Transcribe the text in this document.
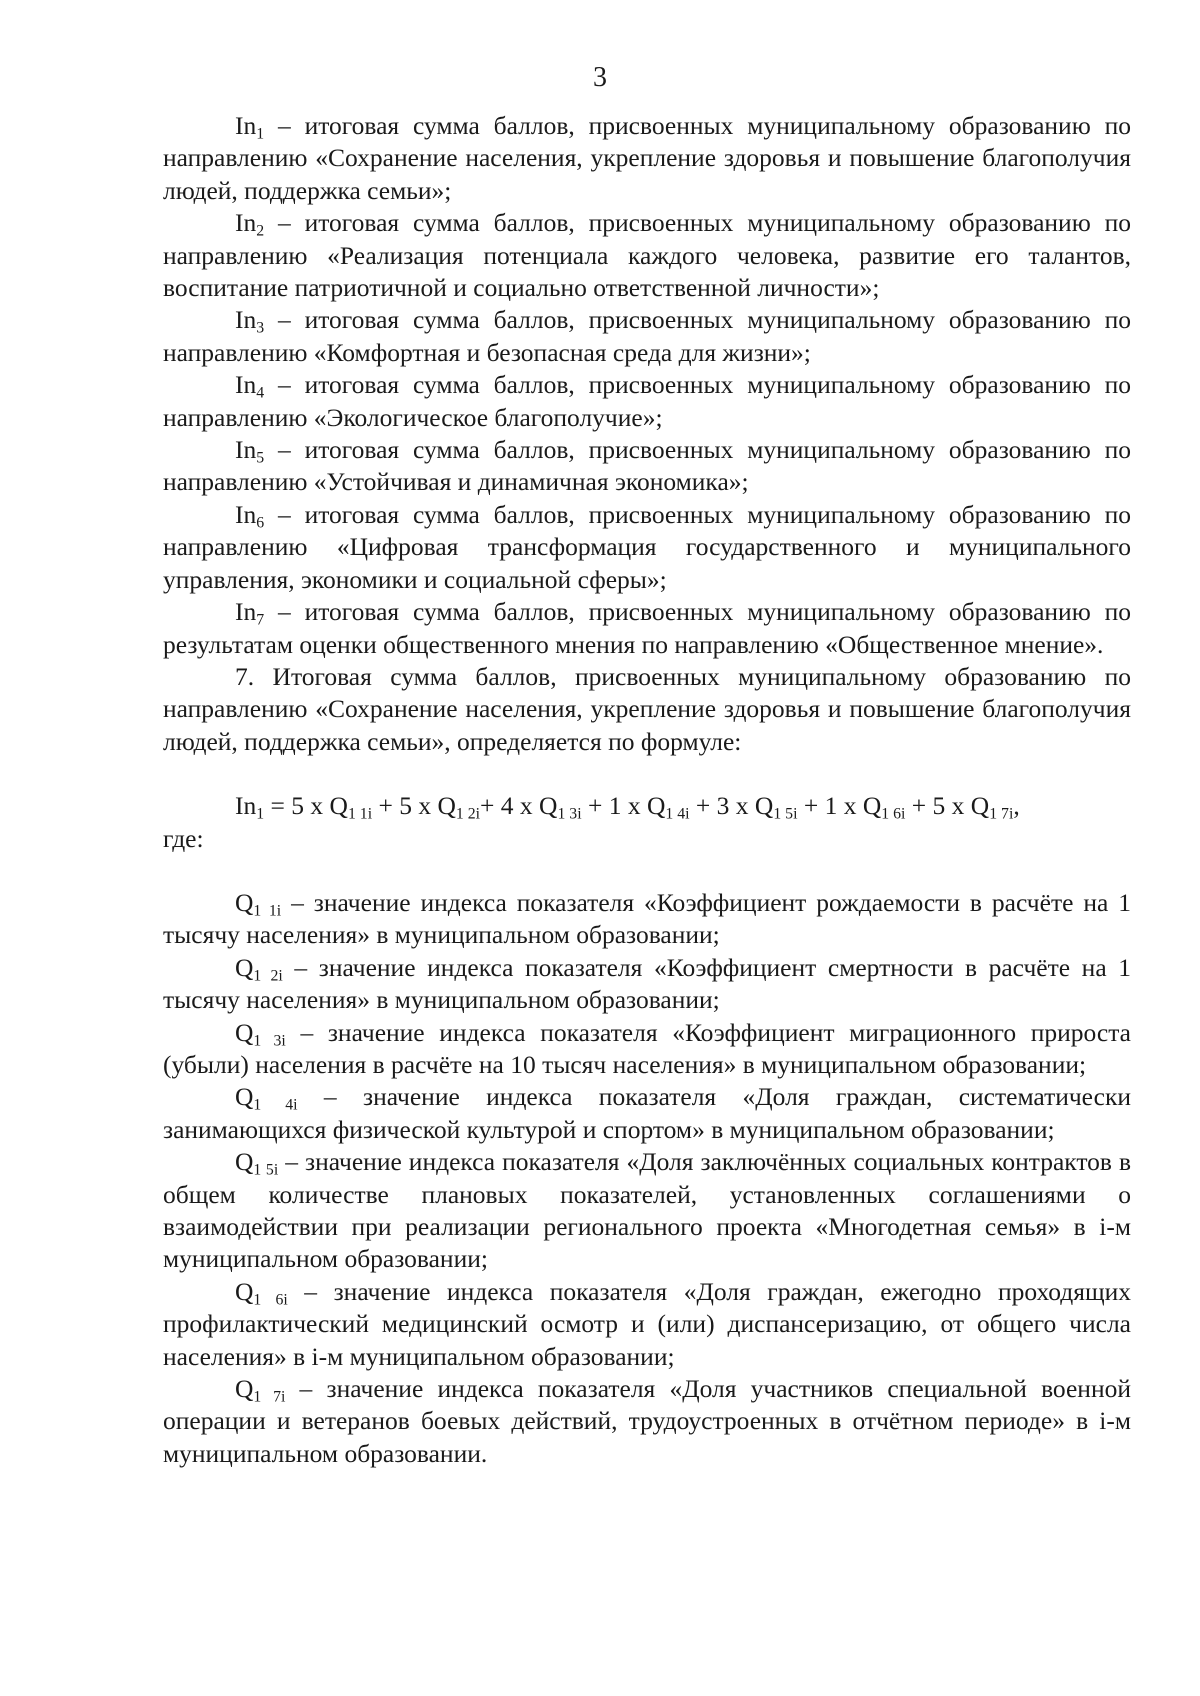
3

$In_1$ – итоговая сумма баллов, присвоенных муниципальному образованию по направлению «Сохранение населения, укрепление здоровья и повышение благополучия людей, поддержка семьи»;

$In_2$ – итоговая сумма баллов, присвоенных муниципальному образованию по направлению «Реализация потенциала каждого человека, развитие его талантов, воспитание патриотичной и социально ответственной личности»;

$In_3$ – итоговая сумма баллов, присвоенных муниципальному образованию по направлению «Комфортная и безопасная среда для жизни»;

$In_4$ – итоговая сумма баллов, присвоенных муниципальному образованию по направлению «Экологическое благополучие»;

$In_5$ – итоговая сумма баллов, присвоенных муниципальному образованию по направлению «Устойчивая и динамичная экономика»;

$In_6$ – итоговая сумма баллов, присвоенных муниципальному образованию по направлению «Цифровая трансформация государственного и муниципального управления, экономики и социальной сферы»;

$In_7$ – итоговая сумма баллов, присвоенных муниципальному образованию по результатам оценки общественного мнения по направлению «Общественное мнение».

7. Итоговая сумма баллов, присвоенных муниципальному образованию по направлению «Сохранение населения, укрепление здоровья и повышение благополучия людей, поддержка семьи», определяется по формуле:

$In_1 = 5$ x $Q_{1 1i} + 5$ x $Q_{1 2i}+ 4$ x $Q_{1 3i} + 1$ x $Q_{1 4i} + 3$ x $Q_{1 5i} + 1$ x $Q_{1 6i} + 5$ x $Q_{1 7i}$,

где:

$Q_{1 1i}$ – значение индекса показателя «Коэффициент рождаемости в расчёте на 1 тысячу населения» в муниципальном образовании;

$Q_{1 2i}$ – значение индекса показателя «Коэффициент смертности в расчёте на 1 тысячу населения» в муниципальном образовании;

$Q_{1 3i}$ – значение индекса показателя «Коэффициент миграционного прироста (убыли) населения в расчёте на 10 тысяч населения» в муниципальном образовании;

$Q_{1 4i}$ – значение индекса показателя «Доля граждан, систематически занимающихся физической культурой и спортом» в муниципальном образовании;

$Q_{1 5i}$ – значение индекса показателя «Доля заключённых социальных контрактов в общем количестве плановых показателей, установленных соглашениями о взаимодействии при реализации регионального проекта «Многодетная семья» в i-м муниципальном образовании;

$Q_{1 6i}$ – значение индекса показателя «Доля граждан, ежегодно проходящих профилактический медицинский осмотр и (или) диспансеризацию, от общего числа населения» в i-м муниципальном образовании;

$Q_{1 7i}$ – значение индекса показателя «Доля участников специальной военной операции и ветеранов боевых действий, трудоустроенных в отчётном периоде» в i-м муниципальном образовании.
